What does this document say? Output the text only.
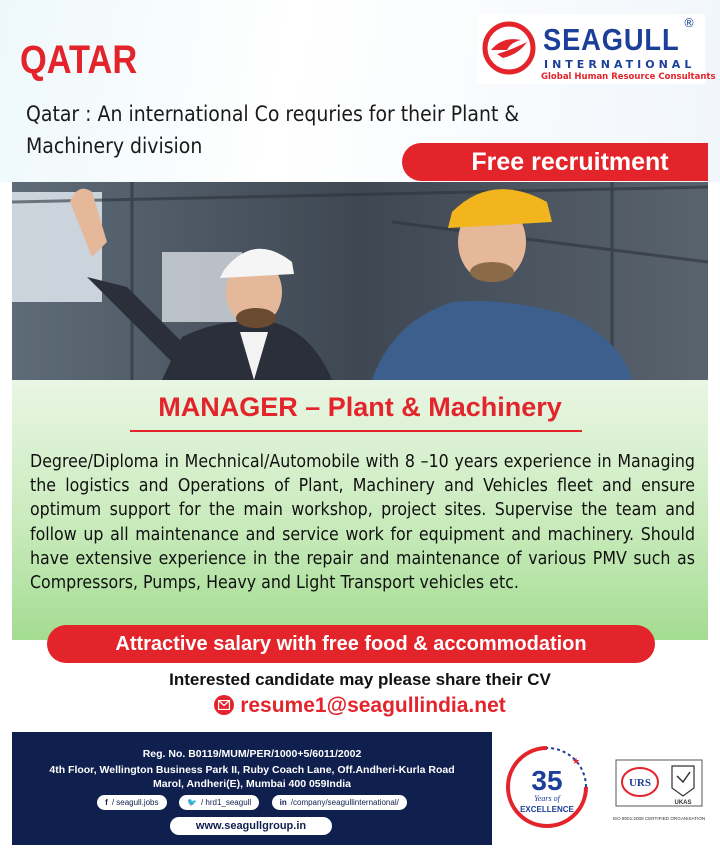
QATAR	SEAGULL ®
INTERNATIONAL
Global Human Resource Consultants

Qatar : An international Co requries for their Plant & Machinery division

Free recruitment
MANAGER – Plant & Machinery

Degree/Diploma in Mechnical/Automobile with 8 –10 years experience in Managing the logistics and Operations of Plant, Machinery and Vehicles fleet and ensure optimum support for the main workshop, project sites. Supervise the team and follow up all maintenance and service work for equipment and machinery. Should have extensive experience in the repair and maintenance of various PMV such as Compressors, Pumps, Heavy and Light Transport vehicles etc.

Attractive salary with free food & accommodation
Interested candidate may please share their CV
resume1@seagullindia.net
Reg. No. B0119/MUM/PER/1000+5/6011/2002
4th Floor, Wellington Business Park II, Ruby Coach Lane, Off.Andheri-Kurla Road
Marol, Andheri(E), Mumbai 400 059India
f / seagull.jobs
	🐦 / hrd1_seagull
	in /company/seagullinternational/
www.seagullgroup.in
35
Years of
EXCELLENCE
★
URS
UKAS
ISO 9001:2008 CERTIFIED ORGANISATION
